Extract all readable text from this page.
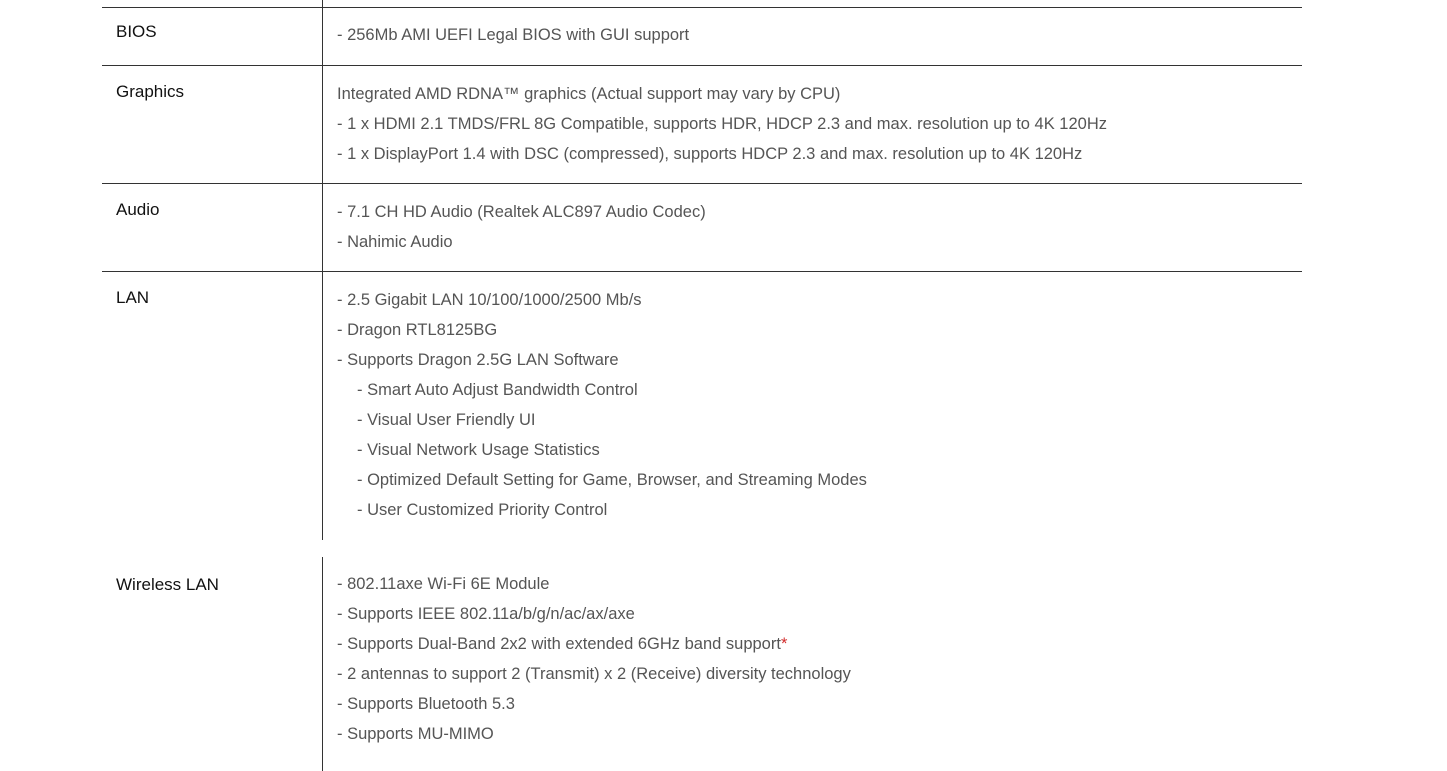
BIOS	- 256Mb AMI UEFI Legal BIOS with GUI support
Graphics	Integrated AMD RDNA™ graphics (Actual support may vary by CPU)
- 1 x HDMI 2.1 TMDS/FRL 8G Compatible, supports HDR, HDCP 2.3 and max. resolution up to 4K 120Hz
- 1 x DisplayPort 1.4 with DSC (compressed), supports HDCP 2.3 and max. resolution up to 4K 120Hz
Audio	- 7.1 CH HD Audio (Realtek ALC897 Audio Codec)
- Nahimic Audio
LAN	- 2.5 Gigabit LAN 10/100/1000/2500 Mb/s
- Dragon RTL8125BG
- Supports Dragon 2.5G LAN Software
- Smart Auto Adjust Bandwidth Control
- Visual User Friendly UI
- Visual Network Usage Statistics
- Optimized Default Setting for Game, Browser, and Streaming Modes
- User Customized Priority Control
Wireless LAN	- 802.11axe Wi-Fi 6E Module
- Supports IEEE 802.11a/b/g/n/ac/ax/axe
- Supports Dual-Band 2x2 with extended 6GHz band support*
- 2 antennas to support 2 (Transmit) x 2 (Receive) diversity technology
- Supports Bluetooth 5.3
- Supports MU-MIMO
